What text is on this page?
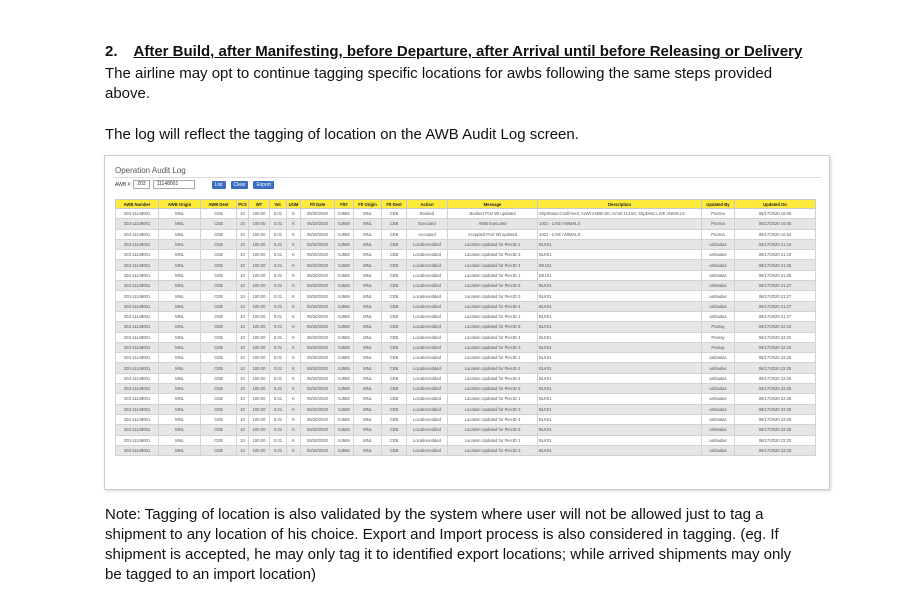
2. After Build, after Manifesting, before Departure, after Arrival until before Releasing or Delivery
The airline may opt to continue tagging specific locations for awbs following the same steps provided above.
The log will reflect the tagging of location on the AWB Audit Log screen.
Operation Audit Log
AWB #	203	11148001	List	Clear	Export
AWB Number	AWB Origin	AWB Dest	PCS	WT	Vol.	UOM	Flt Date	Flt#	Flt Origin	Flt Dest	Action	Message	Description	Updated By	Updated On
203-11148001	MNL	CEB	10	100.00	0.01	K	06/20/2020	5J559	MNL	CEB	Booked	Booked Pcs/ Wt updated	ShpStatus:Confirmed; AvWt:24890.00; AvVol:113.52; ShpDesc:LIVE ANIMALS	Poorna	06/17/2020 16:05
203-11148001	MNL	CEB	10	100.00	0.01	K	06/20/2020	5J559	MNL	CEB	Executed	AWB Executed	1001 - LIVE ANIMALS	Poorna	06/17/2020 16:05
203-11148001	MNL	CEB	10	100.00	0.01	K	06/20/2020	5J559	MNL	CEB	Accepted	Accepted Pcs/ Wt updated	1001 - LIVE ANIMALS	Poorna	06/17/2020 16:53
203-11148001	MNL	CEB	10	100.00	0.01	K	06/20/2020	5J559	MNL	CEB	LocationAdded	Location Updated for PiecID 2	BLK01	ambadas	06/17/2020 21:19
203-11148001	MNL	CEB	10	100.00	0.01	K	06/20/2020	5J559	MNL	CEB	LocationAdded	Location Updated for PiecID 3	BLK01	ambadas	06/17/2020 21:19
203-11148001	MNL	CEB	10	100.00	0.01	K	06/20/2020	5J559	MNL	CEB	LocationAdded	Location Updated for PiecID 4	BK101	ambadas	06/17/2020 21:25
203-11148001	MNL	CEB	10	100.00	0.01	K	06/20/2020	5J559	MNL	CEB	LocationAdded	Location Updated for PiecID 1	BK101	ambadas	06/17/2020 21:25
203-11148001	MNL	CEB	10	100.00	0.01	K	06/20/2020	5J559	MNL	CEB	LocationAdded	Location Updated for PiecID 5	BLK01	ambadas	06/17/2020 21:27
203-11148001	MNL	CEB	10	100.00	0.01	K	06/20/2020	5J559	MNL	CEB	LocationAdded	Location Updated for PiecID 3	BLK01	ambadas	06/17/2020 21:27
203-11148001	MNL	CEB	10	100.00	0.01	K	06/20/2020	5J559	MNL	CEB	LocationAdded	Location Updated for PiecID 4	BLK01	ambadas	06/17/2020 21:27
203-11148001	MNL	CEB	10	100.00	0.01	K	06/20/2020	5J559	MNL	CEB	LocationAdded	Location Updated for PiecID 1	BLK01	ambadas	06/17/2020 21:27
203-11148001	MNL	CEB	10	100.00	0.01	K	06/20/2020	5J559	MNL	CEB	LocationAdded	Location Updated for PiecID 5	BLK01	Pranay	06/17/2020 22:22
203-11148001	MNL	CEB	10	100.00	0.01	K	06/20/2020	5J559	MNL	CEB	LocationAdded	Location Updated for PiecID 4	BLK01	Pranay	06/17/2020 22:22
203-11148001	MNL	CEB	10	100.00	0.01	K	06/20/2020	5J559	MNL	CEB	LocationAdded	Location Updated for PiecID 3	BLK01	Pranay	06/17/2020 22:22
203-11148001	MNL	CEB	10	100.00	0.01	K	06/20/2020	5J559	MNL	CEB	LocationAdded	Location Updated for PiecID 1	BLK01	ambadas	06/17/2020 22:25
203-11148001	MNL	CEB	10	100.00	0.01	K	06/20/2020	5J559	MNL	CEB	LocationAdded	Location Updated for PiecID 2	BLK01	ambadas	06/17/2020 22:25
203-11148001	MNL	CEB	10	100.00	0.01	K	06/20/2020	5J559	MNL	CEB	LocationAdded	Location Updated for PiecID 4	BLK01	ambadas	06/17/2020 22:25
203-11148001	MNL	CEB	10	100.00	0.01	K	06/20/2020	5J559	MNL	CEB	LocationAdded	Location Updated for PiecID 5	BLK01	ambadas	06/17/2020 22:25
203-11148001	MNL	CEB	10	100.00	0.01	K	06/20/2020	5J559	MNL	CEB	LocationAdded	Location Updated for PiecID 1	BLK01	ambadas	06/17/2020 22:26
203-11148001	MNL	CEB	10	100.00	0.01	K	06/20/2020	5J559	MNL	CEB	LocationAdded	Location Updated for PiecID 3	BLK01	ambadas	06/17/2020 22:26
203-11148001	MNL	CEB	10	100.00	0.01	K	06/20/2020	5J559	MNL	CEB	LocationAdded	Location Updated for PiecID 4	BLK01	ambadas	06/17/2020 22:26
203-11148001	MNL	CEB	10	100.00	0.01	K	06/20/2020	5J559	MNL	CEB	LocationAdded	Location Updated for PiecID 5	BLK01	ambadas	06/17/2020 22:26
203-11148001	MNL	CEB	10	100.00	0.01	K	06/20/2020	5J559	MNL	CEB	LocationAdded	Location Updated for PiecID 1	BLK01	ambadas	06/17/2020 22:33
203-11148001	MNL	CEB	10	100.00	0.01	K	06/20/2020	5J559	MNL	CEB	LocationAdded	Location Updated for PiecID 3	BLK01	ambadas	06/17/2020 22:33
Note: Tagging of location is also validated by the system where user will not be allowed just to tag a shipment to any location of his choice. Export and Import process is also considered in tagging. (eg. If shipment is accepted, he may only tag it to identified export locations; while arrived shipments may only be tagged to an import location)
